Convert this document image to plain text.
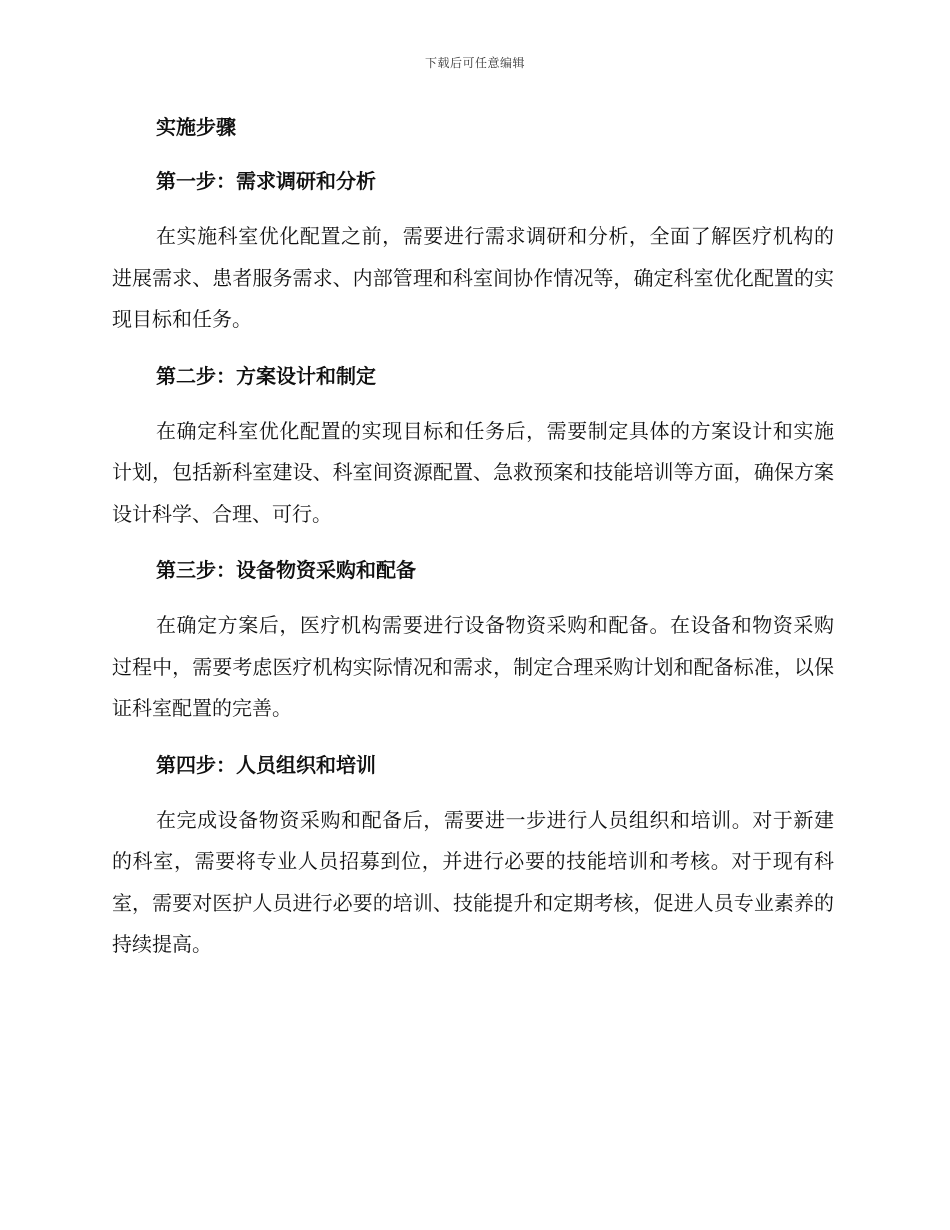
下载后可任意编辑
实施步骤
第一步：需求调研和分析

在实施科室优化配置之前，需要进行需求调研和分析，全面了解医疗机构的进展需求、患者服务需求、内部管理和科室间协作情况等，确定科室优化配置的实现目标和任务。

第二步：方案设计和制定

在确定科室优化配置的实现目标和任务后，需要制定具体的方案设计和实施计划，包括新科室建设、科室间资源配置、急救预案和技能培训等方面，确保方案设计科学、合理、可行。

第三步：设备物资采购和配备

在确定方案后，医疗机构需要进行设备物资采购和配备。在设备和物资采购过程中，需要考虑医疗机构实际情况和需求，制定合理采购计划和配备标准，以保证科室配置的完善。

第四步：人员组织和培训

在完成设备物资采购和配备后，需要进一步进行人员组织和培训。对于新建的科室，需要将专业人员招募到位，并进行必要的技能培训和考核。对于现有科室，需要对医护人员进行必要的培训、技能提升和定期考核，促进人员专业素养的持续提高。
